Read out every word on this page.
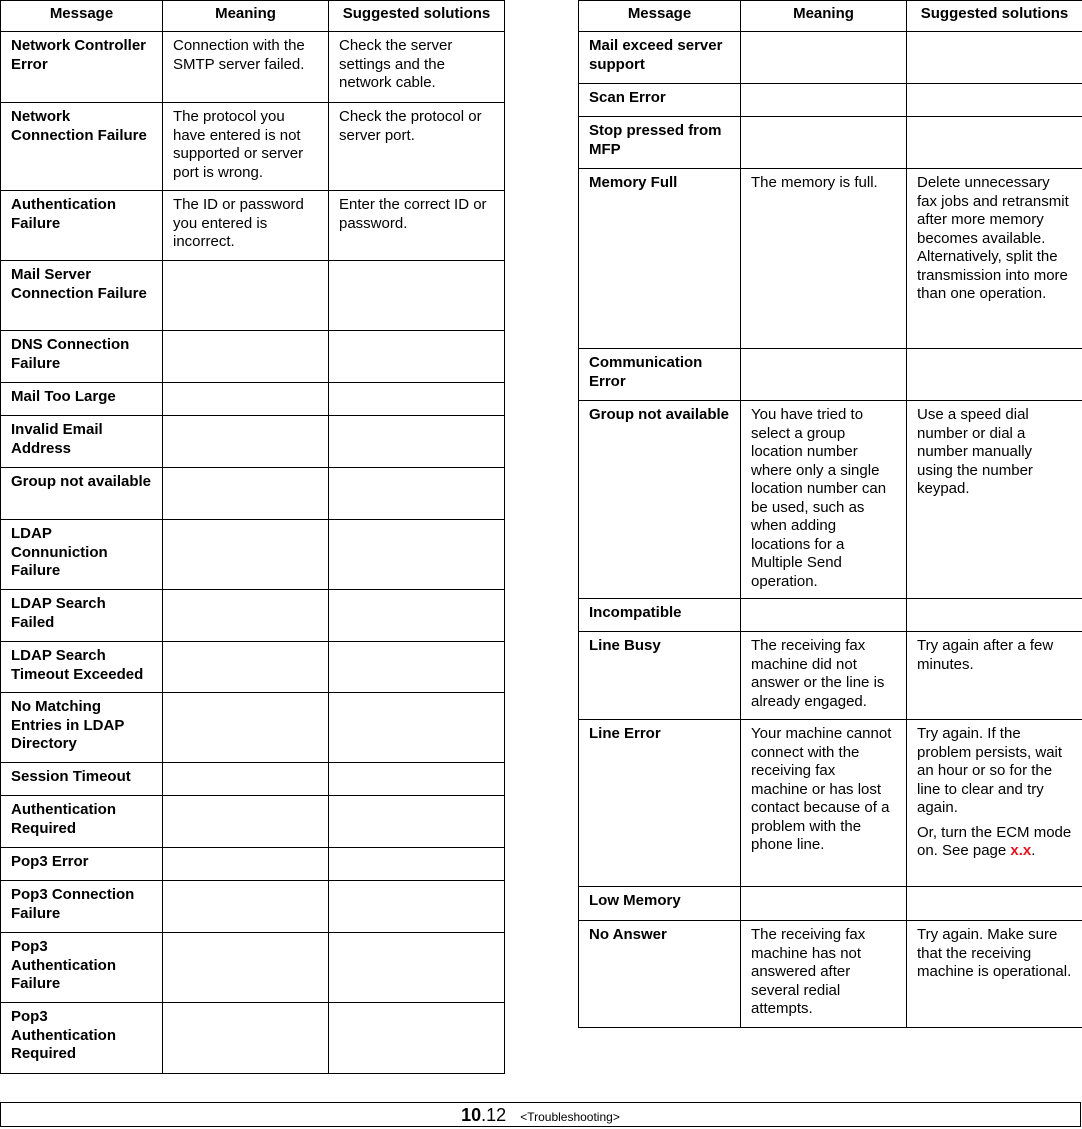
Message	Meaning	Suggested solutions
Network Controller Error	Connection with the SMTP server failed.	Check the server settings and the network cable.
Network Connection Failure	The protocol you have entered is not supported or server port is wrong.	Check the protocol or server port.
Authentication Failure	The ID or password you entered is incorrect.	Enter the correct ID or password.
Mail Server Connection Failure		
DNS Connection Failure		
Mail Too Large		
Invalid Email Address		
Group not available		
LDAP Connuniction Failure		
LDAP Search Failed		
LDAP Search Timeout Exceeded		
No Matching Entries in LDAP Directory		
Session Timeout		
Authentication Required		
Pop3 Error		
Pop3 Connection Failure		
Pop3 Authentication Failure		
Pop3 Authentication Required		
Message	Meaning	Suggested solutions
Mail exceed server support		
Scan Error		
Stop pressed from MFP		
Memory Full	The memory is full.	Delete unnecessary fax jobs and retransmit after more memory becomes available. Alternatively, split the transmission into more than one operation.
Communication Error		
Group not available	You have tried to select a group location number where only a single location number can be used, such as when adding locations for a Multiple Send operation.	Use a speed dial number or dial a number manually using the number keypad.
Incompatible		
Line Busy	The receiving fax machine did not answer or the line is already engaged.	Try again after a few minutes.
Line Error	Your machine cannot connect with the receiving fax machine or has lost contact because of a problem with the phone line.	Try again. If the problem persists, wait an hour or so for the line to clear and try again.
Or, turn the ECM mode on. See page x.x.

Low Memory		
No Answer	The receiving fax machine has not answered after several redial attempts.	Try again. Make sure that the receiving machine is operational.
10.12 <Troubleshooting>
